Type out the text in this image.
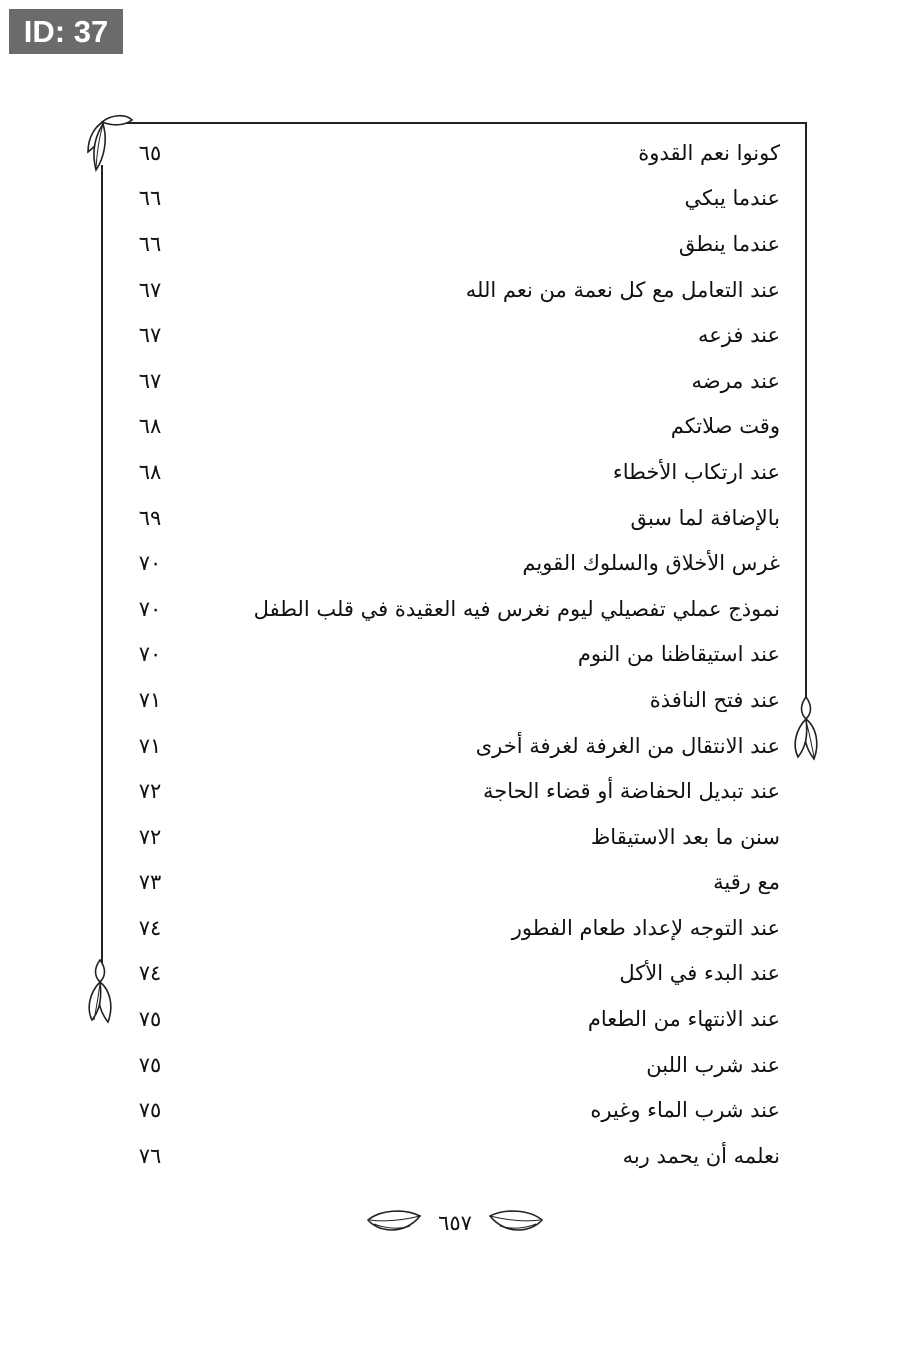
ID: 37
كونوا نعم القدوة
٦٥
عندما يبكي
٦٦
عندما ينطق
٦٦
عند التعامل مع كل نعمة من نعم الله
٦٧
عند فزعه
٦٧
عند مرضه
٦٧
وقت صلاتكم
٦٨
عند ارتكاب الأخطاء
٦٨
بالإضافة لما سبق
٦٩
غرس الأخلاق والسلوك القويم
٧٠
نموذج عملي تفصيلي ليوم نغرس فيه العقيدة في قلب الطفل
٧٠
عند استيقاظنا من النوم
٧٠
عند فتح النافذة
٧١
عند الانتقال من الغرفة لغرفة أخرى
٧١
عند تبديل الحفاضة أو قضاء الحاجة
٧٢
سنن ما بعد الاستيقاظ
٧٢
مع رقية
٧٣
عند التوجه لإعداد طعام الفطور
٧٤
عند البدء في الأكل
٧٤
عند الانتهاء من الطعام
٧٥
عند شرب اللبن
٧٥
عند شرب الماء وغيره
٧٥
نعلمه أن يحمد ربه
٧٦
٦٥٧
